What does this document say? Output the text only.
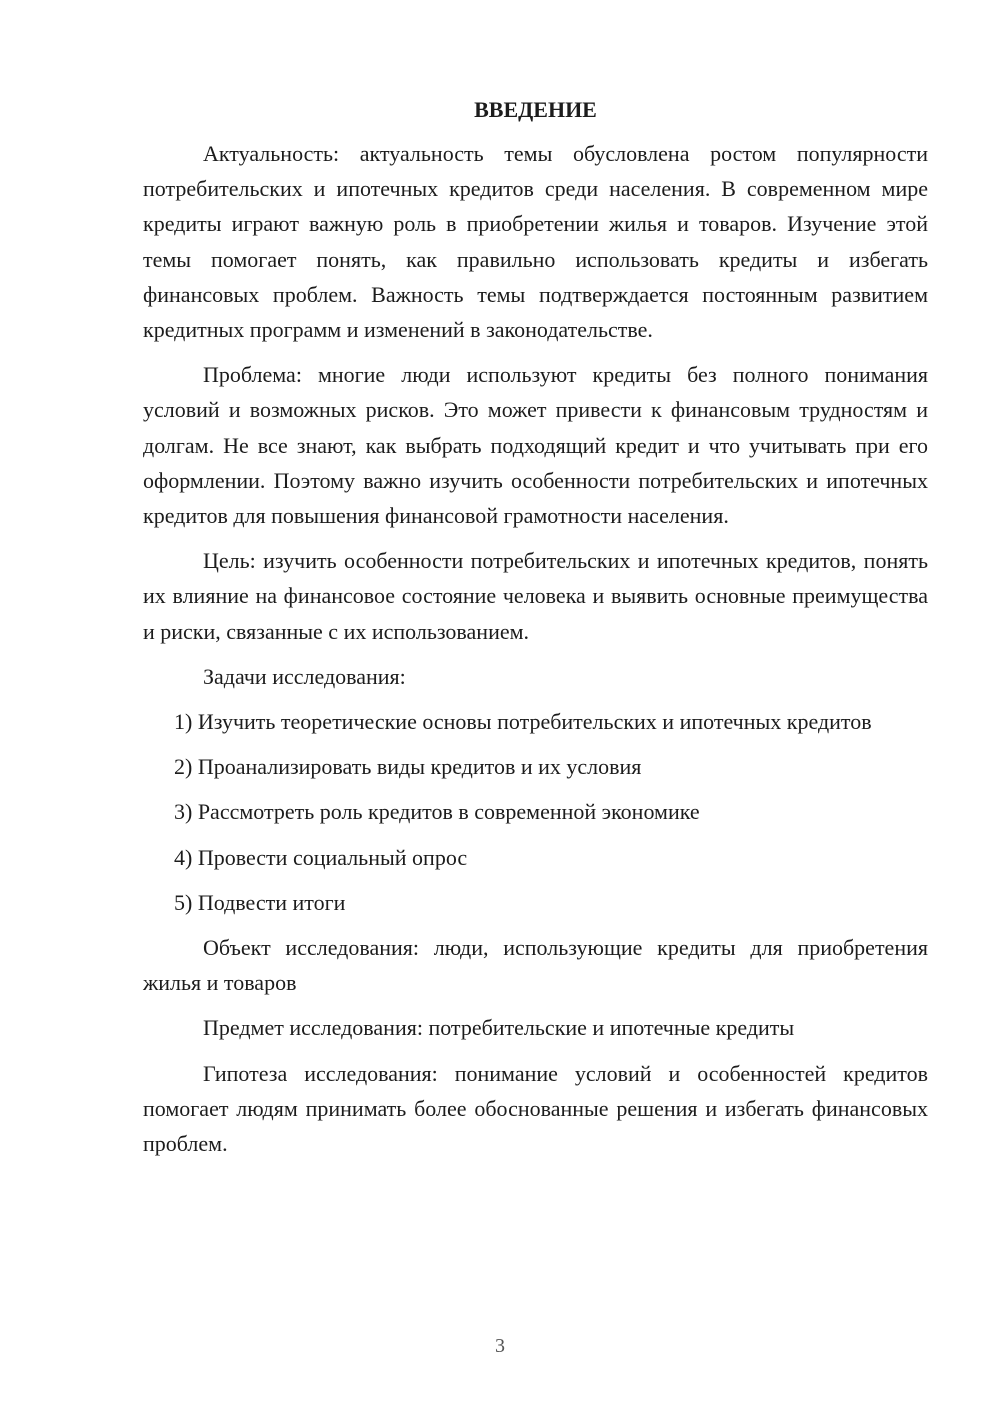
ВВЕДЕНИЕ

Актуальность: актуальность темы обусловлена ростом популярности потребительских и ипотечных кредитов среди населения. В современном мире кредиты играют важную роль в приобретении жилья и товаров. Изучение этой темы помогает понять, как правильно использовать кредиты и избегать финансовых проблем. Важность темы подтверждается постоянным развитием кредитных программ и изменений в законодательстве.

Проблема: многие люди используют кредиты без полного понимания условий и возможных рисков. Это может привести к финансовым трудностям и долгам. Не все знают, как выбрать подходящий кредит и что учитывать при его оформлении. Поэтому важно изучить особенности потребительских и ипотечных кредитов для повышения финансовой грамотности населения.

Цель: изучить особенности потребительских и ипотечных кредитов, понять их влияние на финансовое состояние человека и выявить основные преимущества и риски, связанные с их использованием.

Задачи исследования:

1) Изучить теоретические основы потребительских и ипотечных кредитов

2) Проанализировать виды кредитов и их условия

3) Рассмотреть роль кредитов в современной экономике

4) Провести социальный опрос

5) Подвести итоги

Объект исследования: люди, использующие кредиты для приобретения жилья и товаров

Предмет исследования: потребительские и ипотечные кредиты

Гипотеза исследования: понимание условий и особенностей кредитов помогает людям принимать более обоснованные решения и избегать финансовых проблем.

3
